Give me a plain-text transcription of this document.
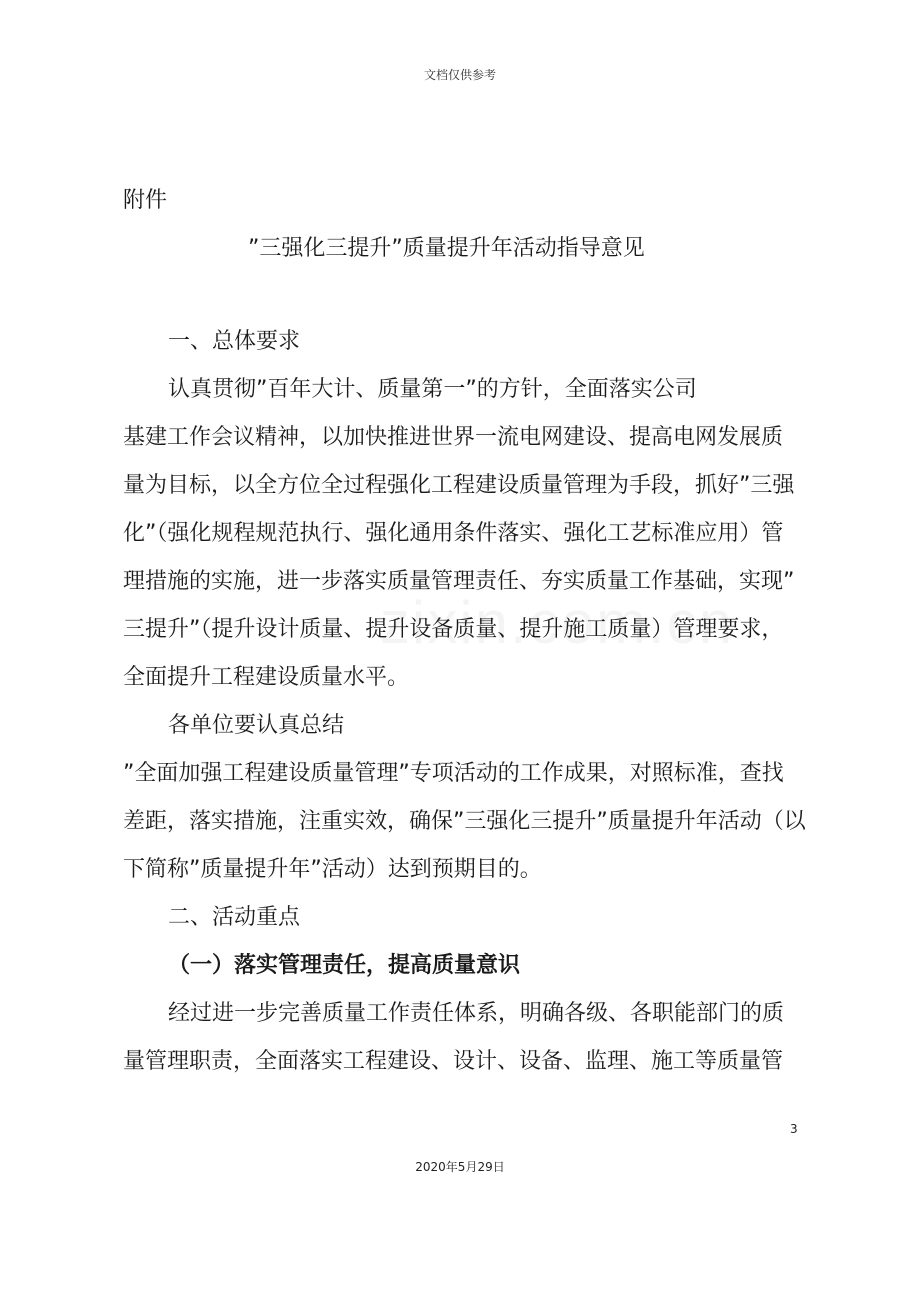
文档仅供参考
附件
”三强化三提升”质量提升年活动指导意见
一、总体要求
认真贯彻”百年大计、质量第一”的方针，全面落实公司
基建工作会议精神，以加快推进世界一流电网建设、提高电网发展质
量为目标，以全方位全过程强化工程建设质量管理为手段，抓好”三强
化”（强化规程规范执行、强化通用条件落实、强化工艺标准应用）管
理措施的实施，进一步落实质量管理责任、夯实质量工作基础，实现”
三提升”（提升设计质量、提升设备质量、提升施工质量）管理要求，
全面提升工程建设质量水平。
各单位要认真总结
”全面加强工程建设质量管理”专项活动的工作成果，对照标准，查找
差距，落实措施，注重实效，确保”三强化三提升”质量提升年活动（以
下简称”质量提升年”活动）达到预期目的。
二、活动重点
（一）落实管理责任，提高质量意识
经过进一步完善质量工作责任体系，明确各级、各职能部门的质
量管理职责，全面落实工程建设、设计、设备、监理、施工等质量管
3
2020年5月29日
